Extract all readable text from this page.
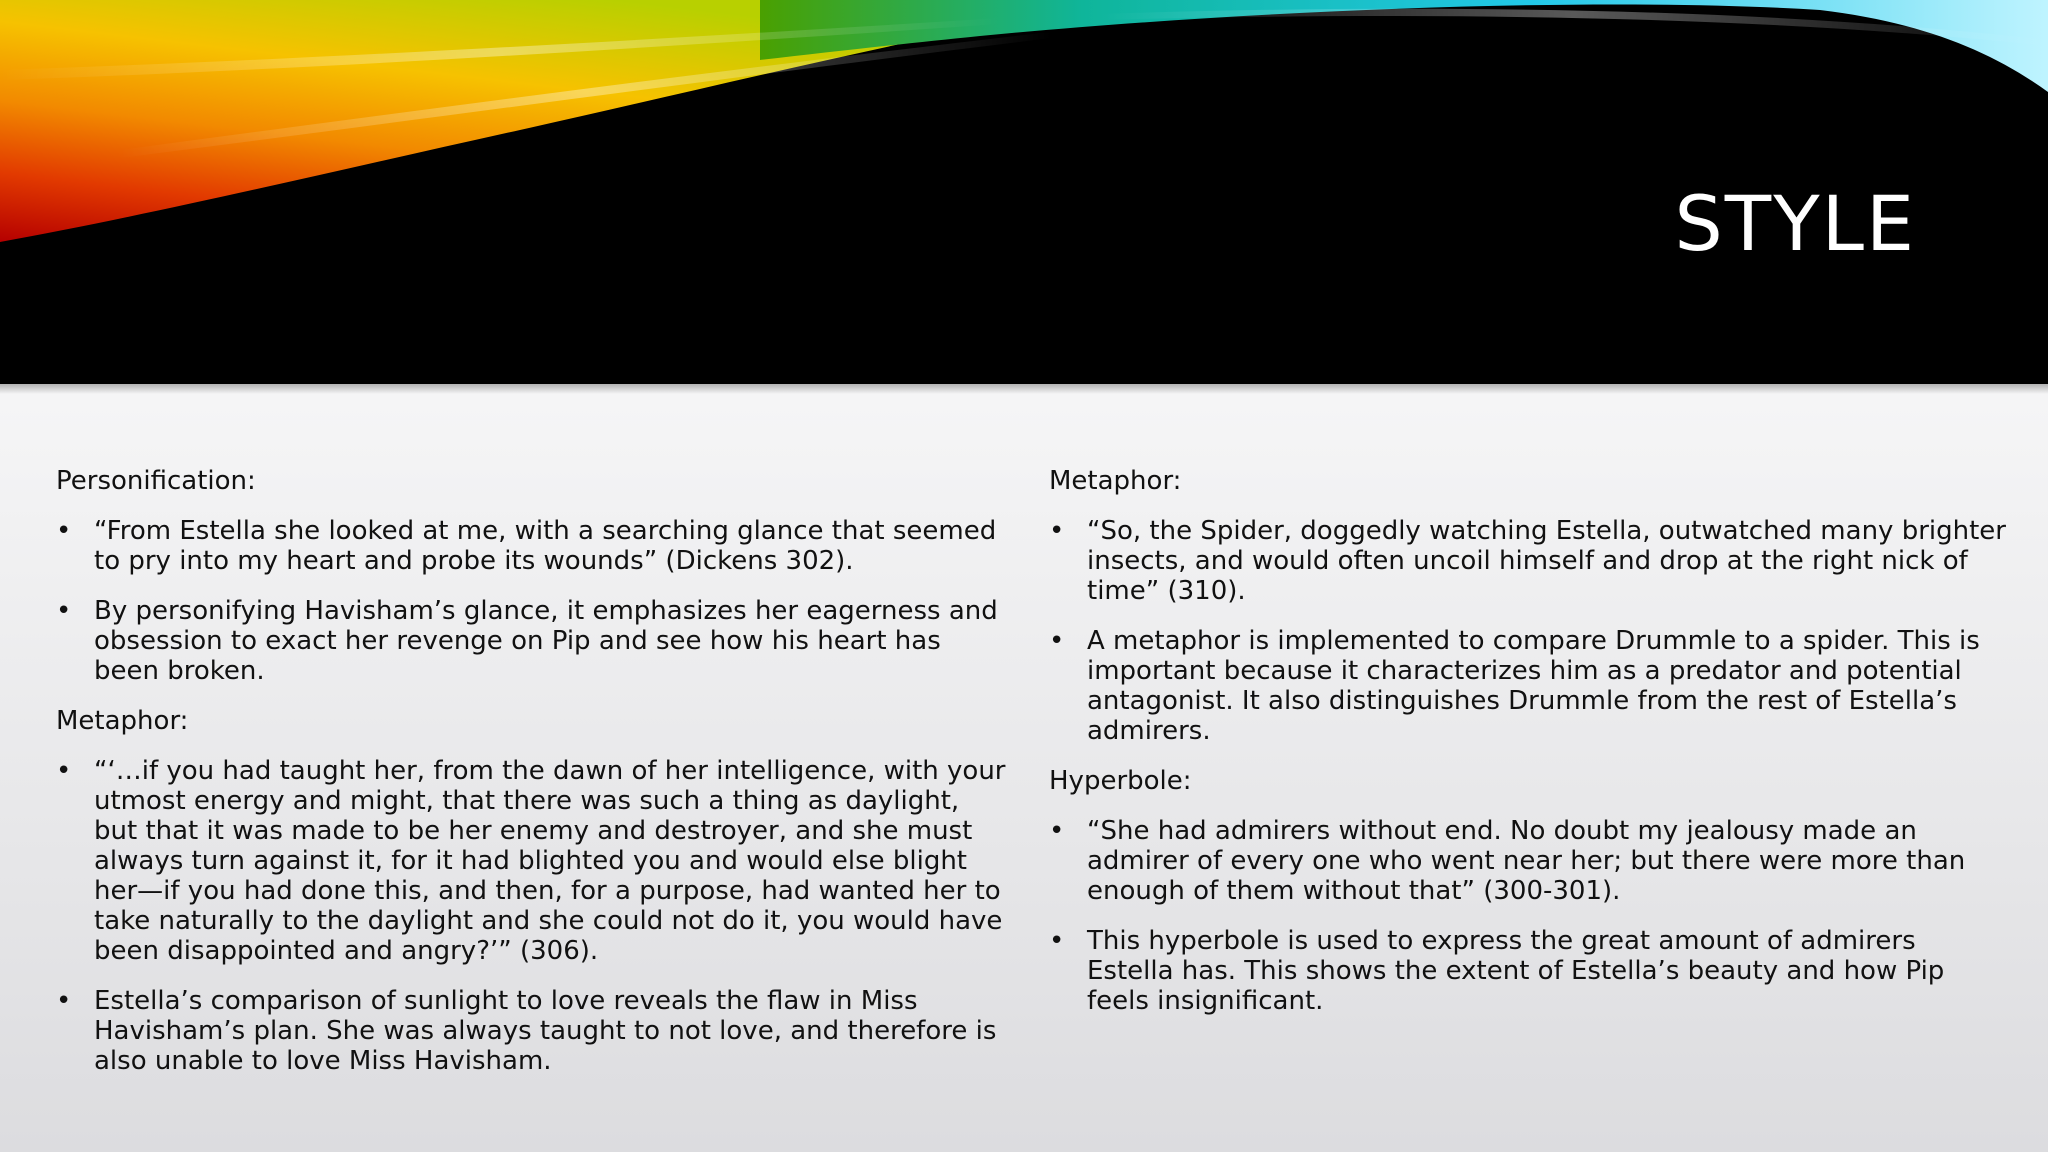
STYLE

Personification:

• “From Estella she looked at me, with a searching glance that seemed to pry into my heart and probe its wounds” (Dickens 302).
• By personifying Havisham’s glance, it emphasizes her eagerness and obsession to exact her revenge on Pip and see how his heart has been broken.

Metaphor:

• “‘…if you had taught her, from the dawn of her intelligence, with your utmost energy and might, that there was such a thing as daylight, but that it was made to be her enemy and destroyer, and she must always turn against it, for it had blighted you and would else blight her—if you had done this, and then, for a purpose, had wanted her to take naturally to the daylight and she could not do it, you would have been disappointed and angry?’” (306).
• Estella’s comparison of sunlight to love reveals the flaw in Miss Havisham’s plan. She was always taught to not love, and therefore is also unable to love Miss Havisham.

Metaphor:

• “So, the Spider, doggedly watching Estella, outwatched many brighter insects, and would often uncoil himself and drop at the right nick of time” (310).
• A metaphor is implemented to compare Drummle to a spider. This is important because it characterizes him as a predator and potential antagonist. It also distinguishes Drummle from the rest of Estella’s admirers.

Hyperbole:

• “She had admirers without end. No doubt my jealousy made an admirer of every one who went near her; but there were more than enough of them without that” (300-301).
• This hyperbole is used to express the great amount of admirers Estella has. This shows the extent of Estella’s beauty and how Pip feels insignificant.
